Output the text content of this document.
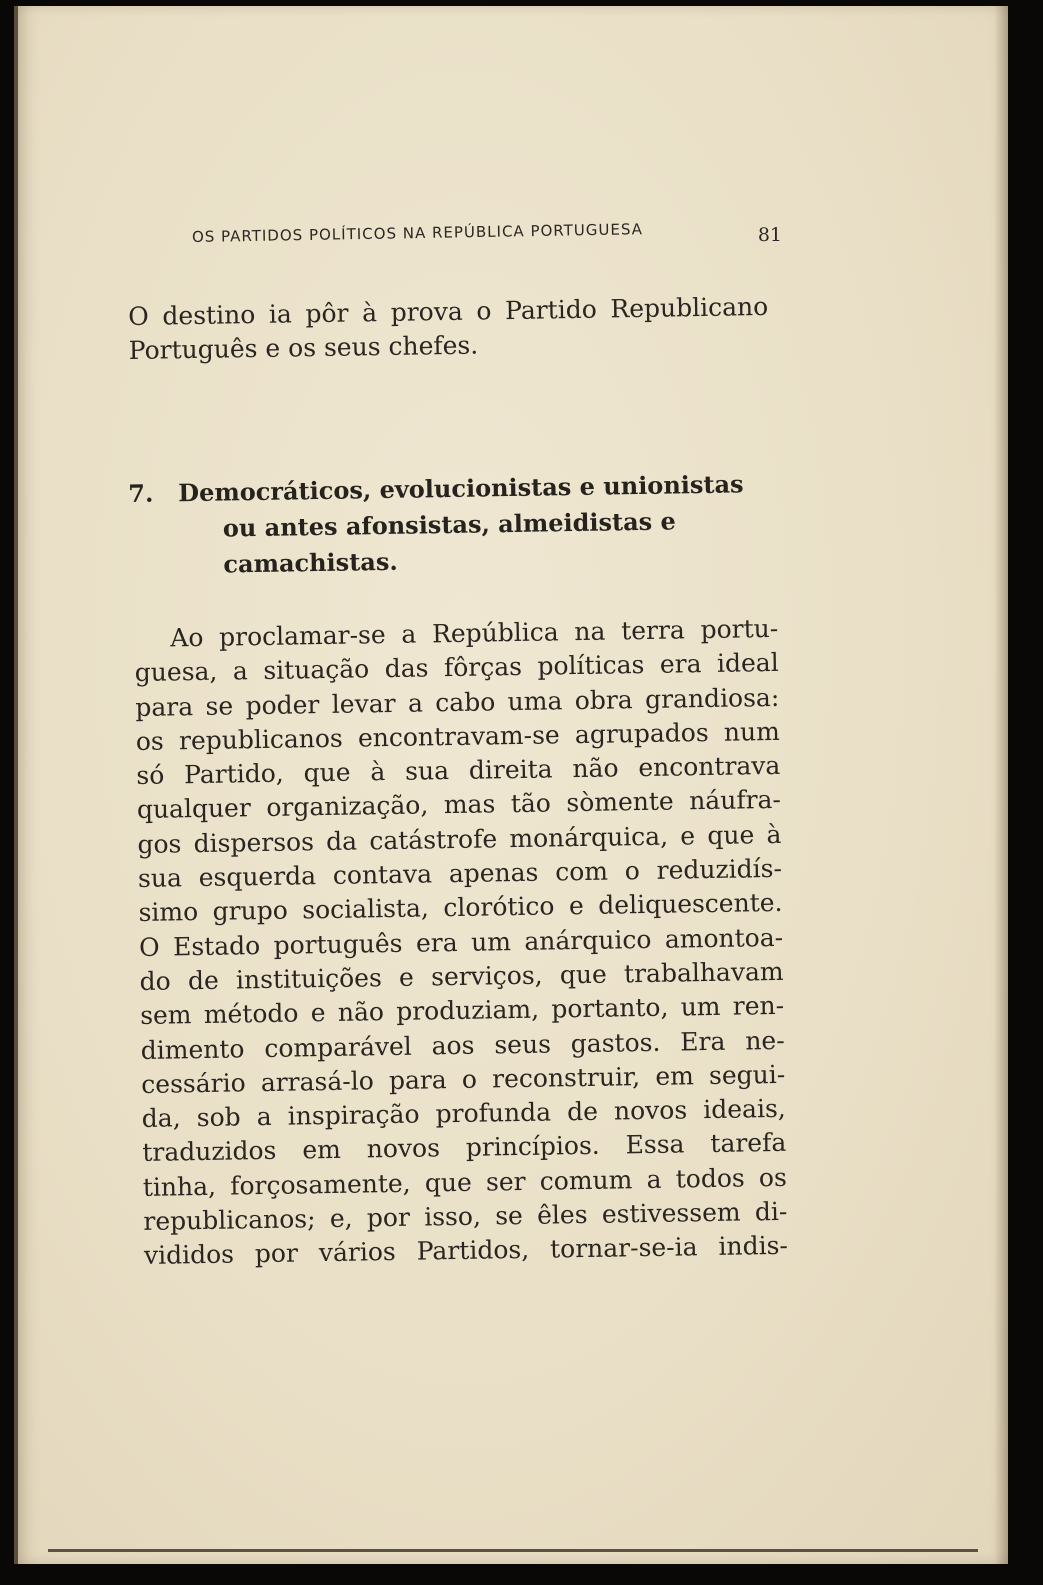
OS PARTIDOS POLÍTICOS NA REPÚBLICA PORTUGUESA	81
O destino ia pôr à prova o Partido Republicano
Português e os seus chefes.
7. Democráticos, evolucionistas e unionistas
ou antes afonsistas, almeidistas e
camachistas.
Ao proclamar-se a República na terra portu-
guesa, a situação das fôrças políticas era ideal
para se poder levar a cabo uma obra grandiosa:
os republicanos encontravam-se agrupados num
só Partido, que à sua direita não encontrava
qualquer organização, mas tão sòmente náufra-
gos dispersos da catástrofe monárquica, e que à
sua esquerda contava apenas com o reduzidís-
simo grupo socialista, clorótico e deliquescente.
O Estado português era um anárquico amontoa-
do de instituições e serviços, que trabalhavam
sem método e não produziam, portanto, um ren-
dimento comparável aos seus gastos. Era ne-
cessário arrasá-lo para o reconstruir, em segui-
da, sob a inspiração profunda de novos ideais,
traduzidos em novos princípios. Essa tarefa
tinha, forçosamente, que ser comum a todos os
republicanos; e, por isso, se êles estivessem di-
vididos por vários Partidos, tornar-se-ia indis-
